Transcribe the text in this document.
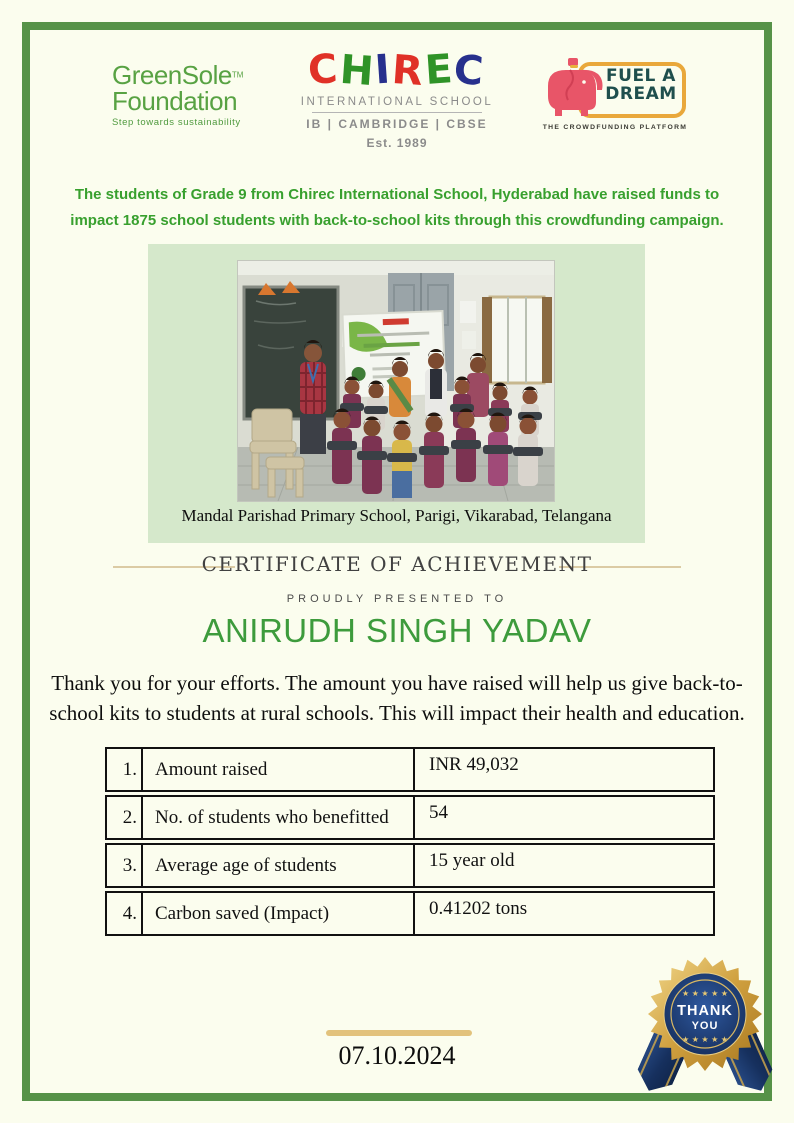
GreenSole™
Foundation
Step towards sustainability
CHIREC
INTERNATIONAL SCHOOL
IB | CAMBRIDGE | CBSE
Est. 1989
FUEL A
DREAM
THE CROWDFUNDING PLATFORM
The students of Grade 9 from Chirec International School, Hyderabad have raised funds to impact 1875 school students with back-to-school kits through this crowdfunding campaign.
Mandal Parishad Primary School, Parigi, Vikarabad, Telangana
CERTIFICATE OF ACHIEVEMENT
PROUDLY PRESENTED TO
ANIRUDH SINGH YADAV
Thank you for your efforts. The amount you have raised will help us give back-to-school kits to students at rural schools. This will impact their health and education.
1. Amount raised	INR 49,032
2. No. of students who benefitted	54
3. Average age of students	15 year old
4. Carbon saved (Impact)	0.41202 tons
07.10.2024
★ ★ ★ ★ ★
THANK
YOU
★ ★ ★ ★ ★
